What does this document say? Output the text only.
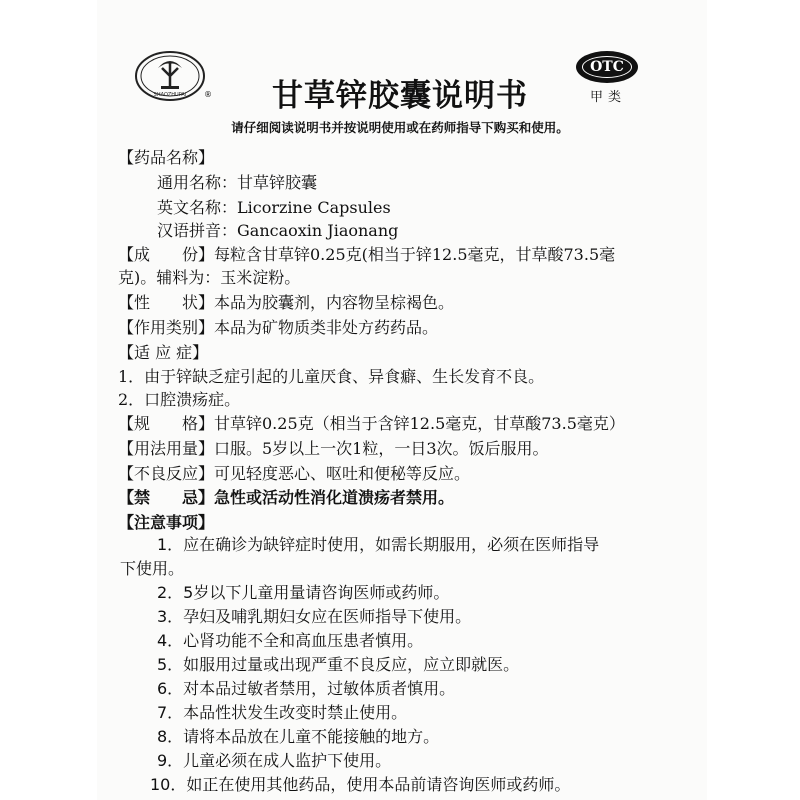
SHAOZHUPAI ®	甘草锌胶囊说明书
OTC
甲类
请仔细阅读说明书并按说明使用或在药师指导下购买和使用。
【药品名称】
通用名称：甘草锌胶囊
英文名称：Licorzine Capsules
汉语拼音：Gancaoxin Jiaonang
【成　　份】每粒含甘草锌0.25克(相当于锌12.5毫克，甘草酸73.5毫
克)。辅料为：玉米淀粉。
【性　　状】本品为胶囊剂，内容物呈棕褐色。
【作用类别】本品为矿物质类非处方药药品。
【适 应 症】
1．由于锌缺乏症引起的儿童厌食、异食癖、生长发育不良。
2．口腔溃疡症。
【规　　格】甘草锌0.25克（相当于含锌12.5毫克，甘草酸73.5毫克）
【用法用量】口服。5岁以上一次1粒，一日3次。饭后服用。
【不良反应】可见轻度恶心、呕吐和便秘等反应。
【禁　　忌】急性或活动性消化道溃疡者禁用。
【注意事项】
1．应在确诊为缺锌症时使用，如需长期服用，必须在医师指导
下使用。
2．5岁以下儿童用量请咨询医师或药师。
3．孕妇及哺乳期妇女应在医师指导下使用。
4．心肾功能不全和高血压患者慎用。
5．如服用过量或出现严重不良反应，应立即就医。
6．对本品过敏者禁用，过敏体质者慎用。
7．本品性状发生改变时禁止使用。
8．请将本品放在儿童不能接触的地方。
9．儿童必须在成人监护下使用。
10．如正在使用其他药品，使用本品前请咨询医师或药师。
